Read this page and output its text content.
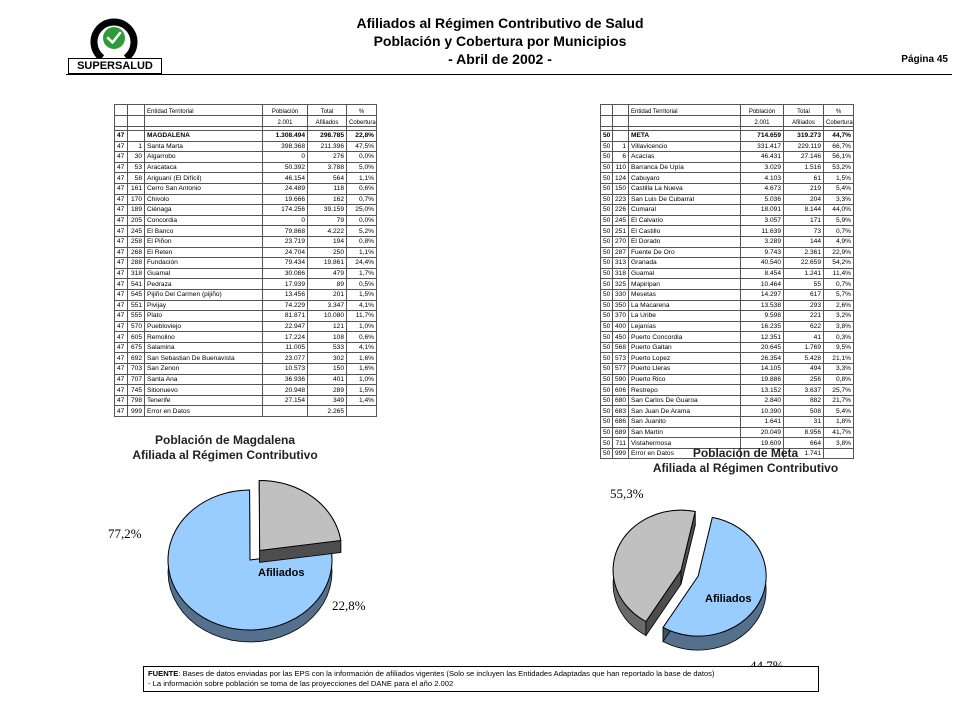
SUPERSALUD
Afiliados al Régimen Contributivo de Salud
Población y Cobertura por Municipios
- Abril de 2002 -	Página 45
		Entidad Territorial	Población	Total	%
			2.001	Afiliados	Cobertura

47		MAGDALENA	1.308.494	298.785	22,8%
47	1	Santa Marta	398.368	211.396	47,5%
47	30	Algarrobo	0	276	0,0%
47	53	Aracataca	50.392	3.788	5,0%
47	58	Ariguaní (El Difícil)	46.154	564	1,1%
47	161	Cerro San Antonio	24.489	118	0,6%
47	170	Chivolo	19.666	162	0,7%
47	189	Ciénaga	174.256	39.159	25,0%
47	205	Concordia	0	79	0,0%
47	245	El Banco	79.868	4.222	5,2%
47	258	El Piñon	23.719	194	0,8%
47	268	El Reten	24.704	250	1,1%
47	288	Fundación	79.434	19.861	24,4%
47	318	Guamal	30.086	479	1,7%
47	541	Pedraza	17.939	89	0,5%
47	545	Pijiño Del Carmen (pijiño)	13.456	201	1,5%
47	551	Pivijay	74.229	3.347	4,1%
47	555	Plato	81.871	10.080	11,7%
47	570	Puebloviejo	22.947	121	1,0%
47	605	Remolino	17.224	108	0,6%
47	675	Salamina	11.005	533	4,1%
47	692	San Sebastian De Buenavista	23.077	302	1,6%
47	703	San Zenon	10.573	150	1,6%
47	707	Santa Ana	36.936	401	1,0%
47	745	Sitionuevo	20.948	289	1,5%
47	798	Tenerife	27.154	349	1,4%
47	999	Error en Datos		2.265	
		Entidad Territorial	Población	Total	%
			2.001	Afiliados	Cobertura

50		META	714.659	319.273	44,7%
50	1	Villavicencio	331.417	229.119	66,7%
50	6	Acacías	46.431	27.146	56,1%
50	110	Barranca De Upía	3.029	1.516	53,2%
50	124	Cabuyaro	4.103	61	1,5%
50	150	Castilla La Nueva	4.673	219	5,4%
50	223	San Luis De Cubarral	5.036	204	3,3%
50	226	Cumaral	18.091	8.144	44,0%
50	245	El Calvario	3.057	171	5,9%
50	251	El Castillo	11.639	73	0,7%
50	270	El Dorado	3.289	144	4,9%
50	287	Fuente De Oro	9.743	2.361	22,9%
50	313	Granada	40.540	22.659	54,2%
50	318	Guamal	8.454	1.241	11,4%
50	325	Mapiripan	10.464	55	0,7%
50	330	Mesetas	14.297	617	5,7%
50	350	La Macarena	13.538	293	2,6%
50	370	La Uribe	9.598	221	3,2%
50	400	Lejanías	16.235	622	3,8%
50	450	Puerto Concordia	12.351	41	0,3%
50	568	Puerto Gaitan	20.645	1.769	9,5%
50	573	Puerto Lopez	26.354	5.428	21,1%
50	577	Puerto Lleras	14.105	494	3,3%
50	590	Puerto Rico	19.886	256	0,8%
50	606	Restrepo	13.152	3.637	25,7%
50	680	San Carlos De Guaroa	2.840	882	21,7%
50	683	San Juan De Arama	10.390	508	5,4%
50	686	San Juanito	1.641	31	1,8%
50	689	San Martin	20.049	8.956	41,7%
50	711	Vistahermosa	19.609	664	3,8%
50	999	Error en Datos		1.741	
Población de Magdalena
Afiliada al Régimen Contributivo	Población de Meta
Afiliada al Régimen Contributivo
77,2%
22,8%
Afiliados
55,3%
Afiliados
FUENTE: Bases de datos enviadas por las EPS con la información de afiliados vigentes (Solo se incluyen las Entidades Adaptadas que han reportado la base de datos)
- La información sobre población se toma de las proyecciones del DANE para el año 2.002
